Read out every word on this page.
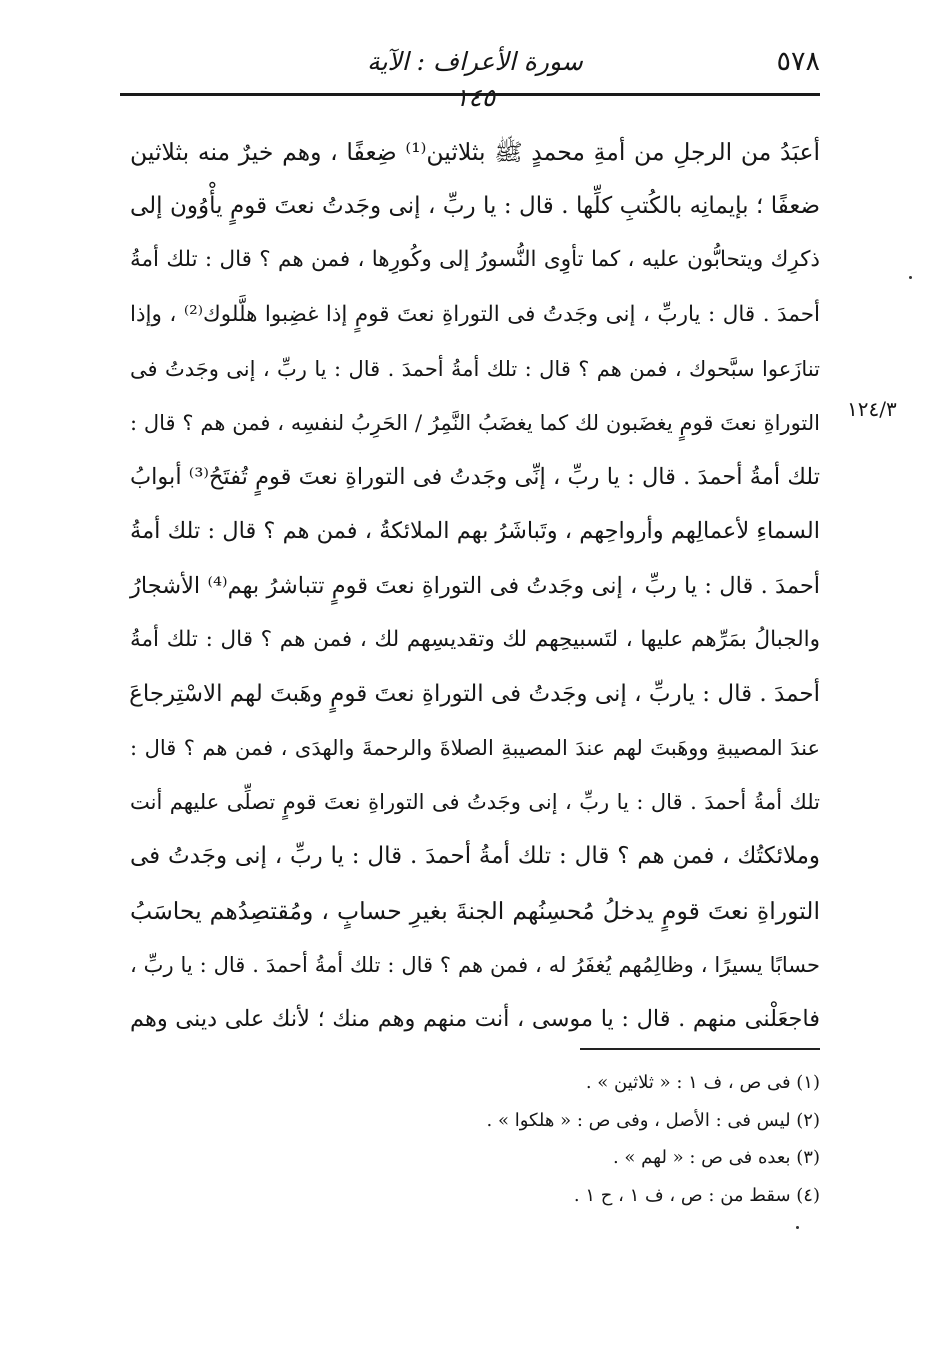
٥٧٨
سورة الأعراف : الآية ١٤٥
١٢٤/٣
أعبَدُ من الرجلِ من أمةِ محمدٍ ﷺ بثلاثين⁽¹⁾ ضِعفًا ، وهم خيرٌ منه بثلاثين
ضعفًا ؛ بإيمانِه بالكُتبِ كلِّها . قال : يا ربِّ ، إنى وجَدتُ نعتَ قومٍ يأْوُون إلى
ذكرِك ويتحابُّون عليه ، كما تأوِى النُّسورُ إلى وكُورِها ، فمن هم ؟ قال : تلك أمةُ
أحمدَ . قال : ياربِّ ، إنى وجَدتُ فى التوراةِ نعتَ قومٍ إذا غضِبوا هلَّلوك⁽²⁾ ، وإذا
تنازَعوا سبَّحوك ، فمن هم ؟ قال : تلك أمةُ أحمدَ . قال : يا ربِّ ، إنى وجَدتُ فى
التوراةِ نعتَ قومٍ يغضَبون لك كما يغضَبُ النَّمِرُ / الحَرِبُ لنفسِه ، فمن هم ؟ قال :
تلك أمةُ أحمدَ . قال : يا ربِّ ، إنِّى وجَدتُ فى التوراةِ نعتَ قومٍ تُفتَحُ⁽³⁾ أبوابُ
السماءِ لأعمالِهم وأرواحِهم ، وتَباشَرُ بهم الملائكةُ ، فمن هم ؟ قال : تلك أمةُ
أحمدَ . قال : يا ربِّ ، إنى وجَدتُ فى التوراةِ نعتَ قومٍ تتباشرُ بهم⁽⁴⁾ الأشجارُ
والجبالُ بمَرِّهم عليها ، لتَسبيحِهم لك وتقديسِهم لك ، فمن هم ؟ قال : تلك أمةُ
أحمدَ . قال : ياربِّ ، إنى وجَدتُ فى التوراةِ نعتَ قومٍ وهَبتَ لهم الاسْتِرجاعَ
عندَ المصيبةِ ووهَبتَ لهم عندَ المصيبةِ الصلاةَ والرحمةَ والهدَى ، فمن هم ؟ قال :
تلك أمةُ أحمدَ . قال : يا ربِّ ، إنى وجَدتُ فى التوراةِ نعتَ قومٍ تصلِّى عليهم أنت
وملائكتُك ، فمن هم ؟ قال : تلك أمةُ أحمدَ . قال : يا ربِّ ، إنى وجَدتُ فى
التوراةِ نعتَ قومٍ يدخلُ مُحسِنُهم الجنةَ بغيرِ حسابٍ ، ومُقتصِدُهم يحاسَبُ
حسابًا يسيرًا ، وظالِمُهم يُغفَرُ له ، فمن هم ؟ قال : تلك أمةُ أحمدَ . قال : يا ربِّ ،
فاجعَلْنى منهم . قال : يا موسى ، أنت منهم وهم منك ؛ لأنك على دينى وهم
(١) فى ص ، ف ١ : « ثلاثين » .
(٢) ليس فى : الأصل ، وفى ص : « هلكوا » .
(٣) بعده فى ص : « لهم » .
(٤) سقط من : ص ، ف ١ ، ح ١ .
